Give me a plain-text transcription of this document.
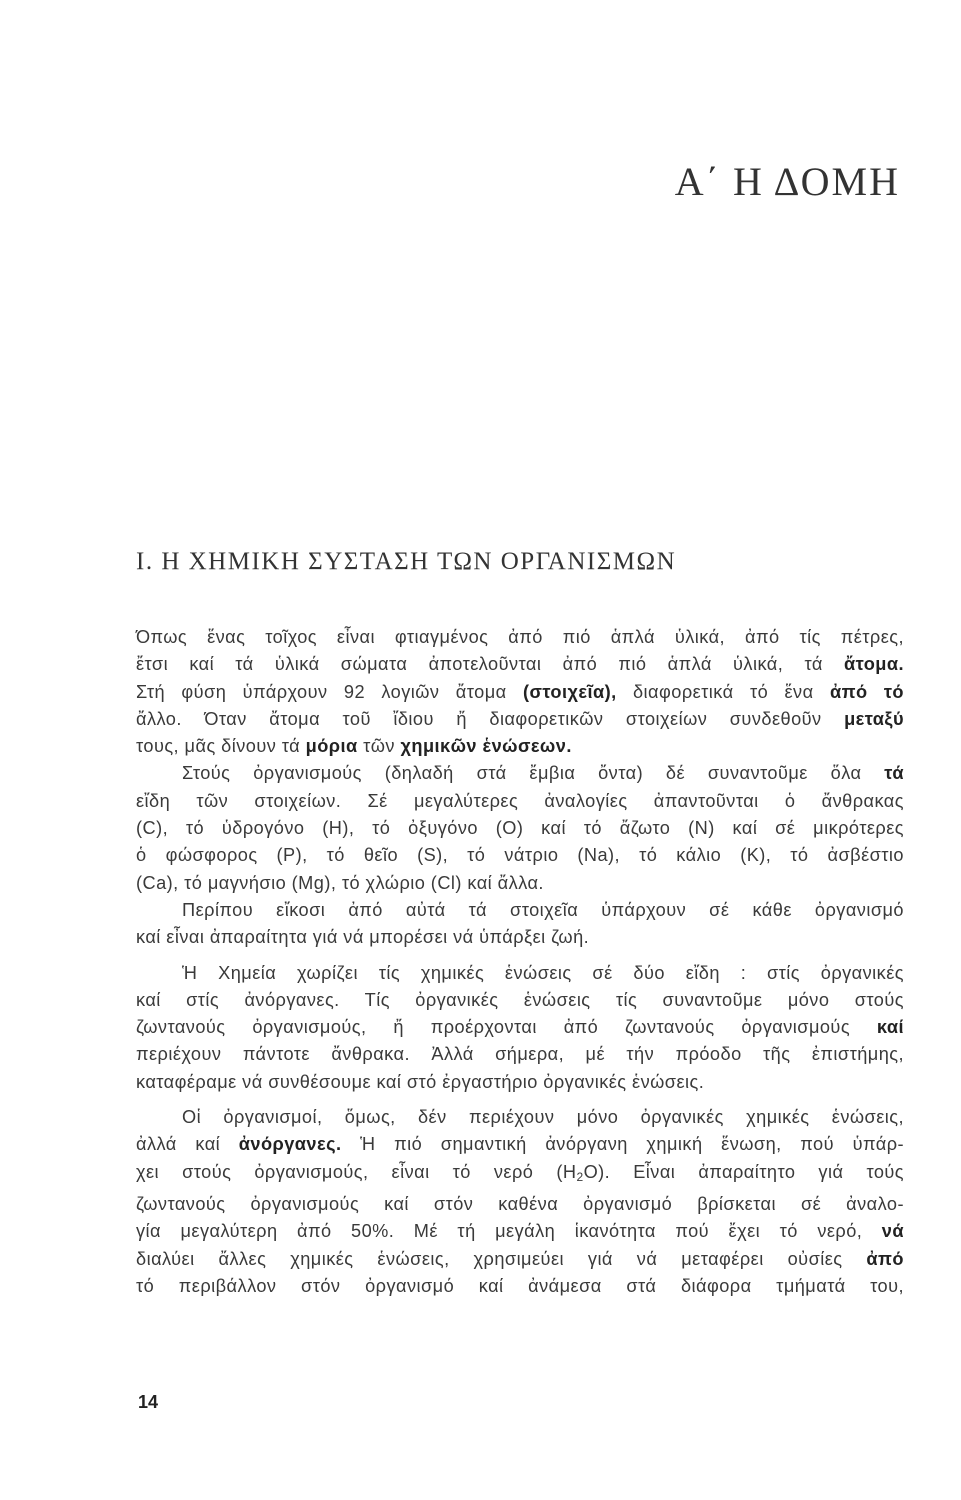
Α΄ Η ΔΟΜΗ
Ι. Η ΧΗΜΙΚΗ ΣΥΣΤΑΣΗ ΤΩΝ ΟΡΓΑΝΙΣΜΩΝ

Όπως ἕνας τοῖχος εἶναι φτιαγμένος ἀπό πιό ἁπλά ὑλικά, ἀπό τίς πέτρες,
ἔτσι καί τά ὑλικά σώματα ἀποτελοῦνται ἀπό πιό ἁπλά ὑλικά, τά ἄτομα.
Στή φύση ὑπάρχουν 92 λογιῶν ἄτομα (στοιχεῖα), διαφορετικά τό ἕνα ἀπό τό
ἄλλο. Όταν ἄτομα τοῦ ἴδιου ἤ διαφορετικῶν στοιχείων συνδεθοῦν μεταξύ
τους, μᾶς δίνουν τά μόρια τῶν χημικῶν ἑνώσεων.

Στούς ὀργανισμούς (δηλαδή στά ἔμβια ὄντα) δέ συναντοῦμε ὅλα τά
εἴδη τῶν στοιχείων. Σέ μεγαλύτερες ἀναλογίες ἀπαντοῦνται ὁ ἄνθρακας
(C), τό ὑδρογόνο (Η), τό ὀξυγόνο (Ο) καί τό ἄζωτο (Ν) καί σέ μικρότερες
ὁ φώσφορος (Ρ), τό θεῖο (S), τό νάτριο (Na), τό κάλιο (Κ), τό ἀσβέστιο
(Ca), τό μαγνήσιο (Mg), τό χλώριο (Cl) καί ἄλλα.

Περίπου εἴκοσι ἀπό αὐτά τά στοιχεῖα ὑπάρχουν σέ κάθε ὀργανισμό
καί εἶναι ἀπαραίτητα γιά νά μπορέσει νά ὑπάρξει ζωή.

Ἡ Χημεία χωρίζει τίς χημικές ἑνώσεις σέ δύο εἴδη : στίς ὀργανικές
καί στίς ἀνόργανες. Τίς ὀργανικές ἑνώσεις τίς συναντοῦμε μόνο στούς
ζωντανούς ὀργανισμούς, ἤ προέρχονται ἀπό ζωντανούς ὀργανισμούς καί
περιέχουν πάντοτε ἄνθρακα. Ἀλλά σήμερα, μέ τήν πρόοδο τῆς ἐπιστήμης,
καταφέραμε νά συνθέσουμε καί στό ἐργαστήριο ὀργανικές ἑνώσεις.

Οἱ ὀργανισμοί, ὅμως, δέν περιέχουν μόνο ὀργανικές χημικές ἑνώσεις,
ἀλλά καί ἀνόργανες. Ἡ πιό σημαντική ἀνόργανη χημική ἕνωση, πού ὑπάρ-
χει στούς ὀργανισμούς, εἶναι τό νερό $(H_2O)$. Εἶναι ἀπαραίτητο γιά τούς
ζωντανούς ὀργανισμούς καί στόν καθένα ὀργανισμό βρίσκεται σέ ἀναλο-
γία μεγαλύτερη ἀπό 50%. Μέ τή μεγάλη ἱκανότητα πού ἔχει τό νερό, νά
διαλύει ἄλλες χημικές ἑνώσεις, χρησιμεύει γιά νά μεταφέρει οὐσίες ἀπό
τό περιβάλλον στόν ὀργανισμό καί ἀνάμεσα στά διάφορα τμήματά του,

14
